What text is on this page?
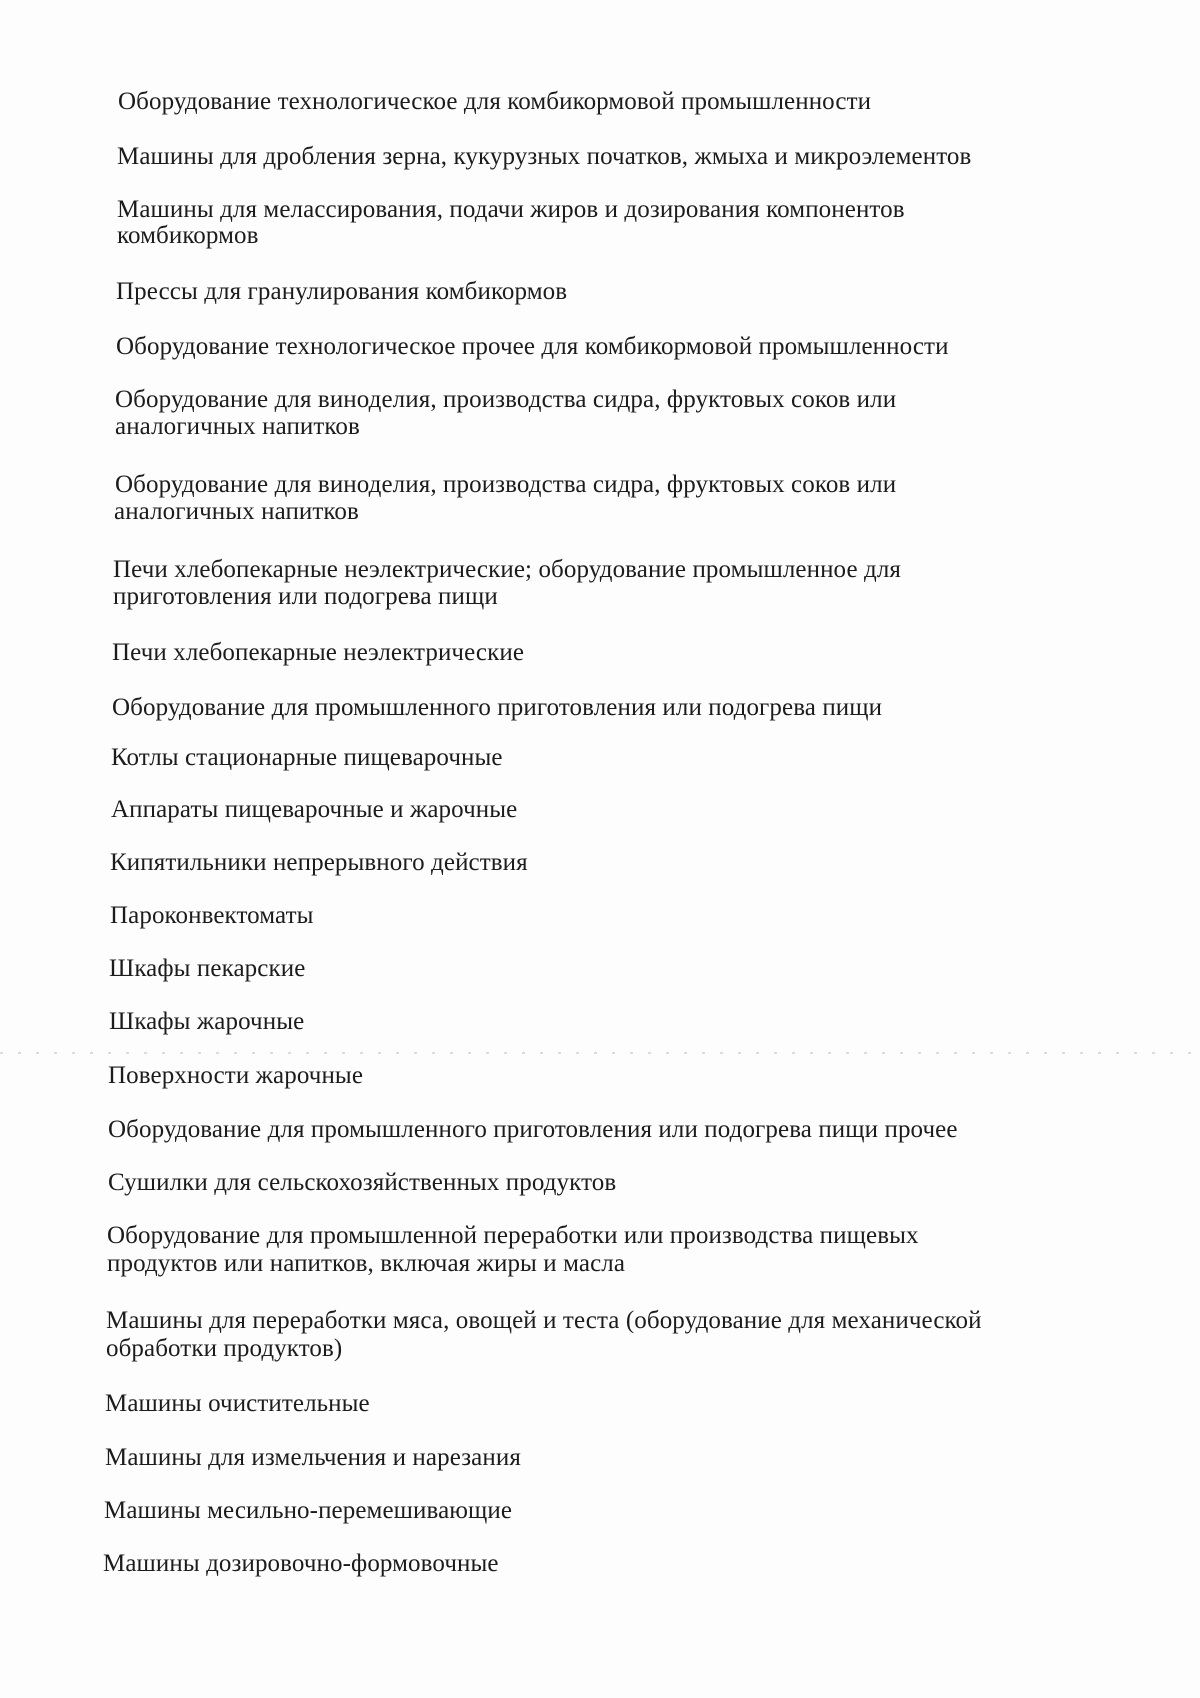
Оборудование технологическое для комбикормовой промышленности
Машины для дробления зерна, кукурузных початков, жмыха и микроэлементов
Машины для мелассирования, подачи жиров и дозирования компонентов
комбикормов
Прессы для гранулирования комбикормов
Оборудование технологическое прочее для комбикормовой промышленности
Оборудование для виноделия, производства сидра, фруктовых соков или
аналогичных напитков
Оборудование для виноделия, производства сидра, фруктовых соков или
аналогичных напитков
Печи хлебопекарные неэлектрические; оборудование промышленное для
приготовления или подогрева пищи
Печи хлебопекарные неэлектрические
Оборудование для промышленного приготовления или подогрева пищи
Котлы стационарные пищеварочные
Аппараты пищеварочные и жарочные
Кипятильники непрерывного действия
Пароконвектоматы
Шкафы пекарские
Шкафы жарочные
Поверхности жарочные
Оборудование для промышленного приготовления или подогрева пищи прочее
Сушилки для сельскохозяйственных продуктов
Оборудование для промышленной переработки или производства пищевых
продуктов или напитков, включая жиры и масла
Машины для переработки мяса, овощей и теста (оборудование для механической
обработки продуктов)
Машины очистительные
Машины для измельчения и нарезания
Машины месильно-перемешивающие
Машины дозировочно-формовочные
